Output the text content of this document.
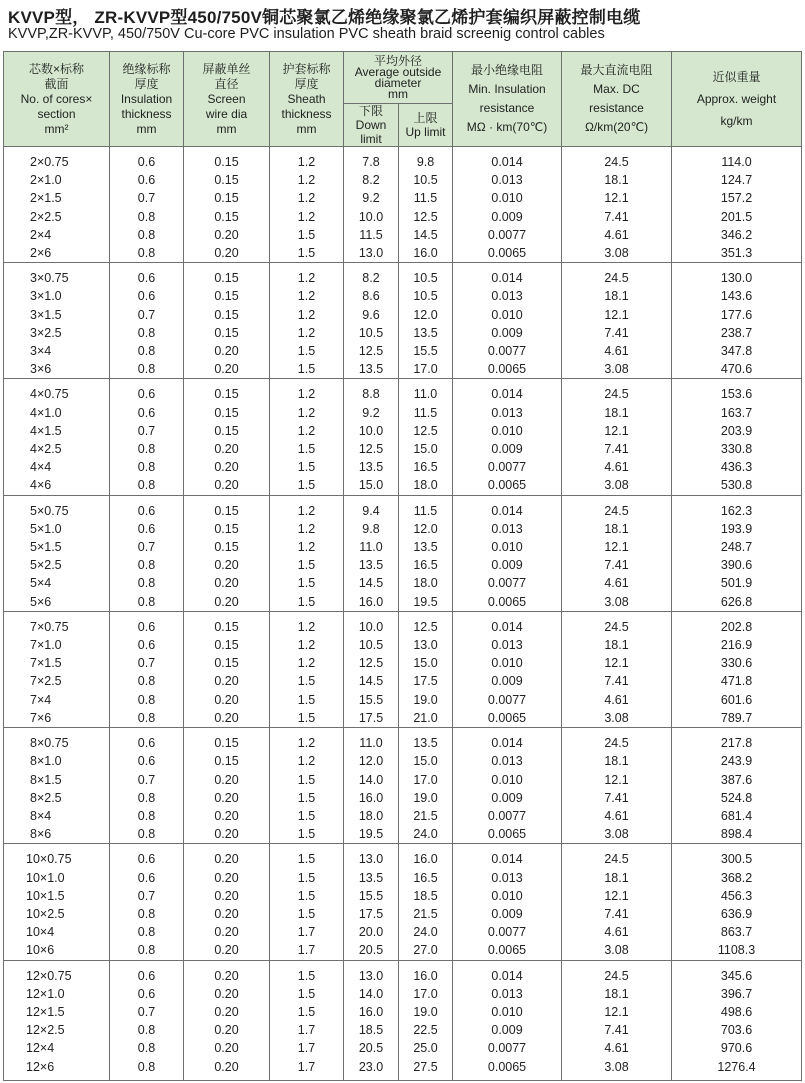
KVVP型， ZR-KVVP型450/750V铜芯聚氯乙烯绝缘聚氯乙烯护套编织屏蔽控制电缆
KVVP,ZR-KVVP, 450/750V Cu-core PVC insulation PVC sheath braid screenig control cables
芯数×标称
截面
No. of cores×
section
mm²	绝缘标称
厚度
Insulation
thickness
mm	屏蔽单丝
直径
Screen
wire dia
mm	护套标称
厚度
Sheath
thickness
mm	平均外径
Average outside
diameter
mm		最小绝缘电阻
Min. Insulation
resistance
MΩ · km(70℃)	最大直流电阻
Max. DC
resistance
Ω/km(20℃)	近似重量
Approx. weight
kg/km

				下限
Down limit	上限
Up limit			

2×0.75	0.6	0.15	1.2	7.8	9.8	0.014	24.5	114.0
2×1.0	0.6	0.15	1.2	8.2	10.5	0.013	18.1	124.7
2×1.5	0.7	0.15	1.2	9.2	11.5	0.010	12.1	157.2
2×2.5	0.8	0.15	1.2	10.0	12.5	0.009	7.41	201.5
2×4	0.8	0.20	1.5	11.5	14.5	0.0077	4.61	346.2
2×6	0.8	0.20	1.5	13.0	16.0	0.0065	3.08	351.3
3×0.75	0.6	0.15	1.2	8.2	10.5	0.014	24.5	130.0
3×1.0	0.6	0.15	1.2	8.6	10.5	0.013	18.1	143.6
3×1.5	0.7	0.15	1.2	9.6	12.0	0.010	12.1	177.6
3×2.5	0.8	0.15	1.2	10.5	13.5	0.009	7.41	238.7
3×4	0.8	0.20	1.5	12.5	15.5	0.0077	4.61	347.8
3×6	0.8	0.20	1.5	13.5	17.0	0.0065	3.08	470.6
4×0.75	0.6	0.15	1.2	8.8	11.0	0.014	24.5	153.6
4×1.0	0.6	0.15	1.2	9.2	11.5	0.013	18.1	163.7
4×1.5	0.7	0.15	1.2	10.0	12.5	0.010	12.1	203.9
4×2.5	0.8	0.20	1.5	12.5	15.0	0.009	7.41	330.8
4×4	0.8	0.20	1.5	13.5	16.5	0.0077	4.61	436.3
4×6	0.8	0.20	1.5	15.0	18.0	0.0065	3.08	530.8
5×0.75	0.6	0.15	1.2	9.4	11.5	0.014	24.5	162.3
5×1.0	0.6	0.15	1.2	9.8	12.0	0.013	18.1	193.9
5×1.5	0.7	0.15	1.2	11.0	13.5	0.010	12.1	248.7
5×2.5	0.8	0.20	1.5	13.5	16.5	0.009	7.41	390.6
5×4	0.8	0.20	1.5	14.5	18.0	0.0077	4.61	501.9
5×6	0.8	0.20	1.5	16.0	19.5	0.0065	3.08	626.8
7×0.75	0.6	0.15	1.2	10.0	12.5	0.014	24.5	202.8
7×1.0	0.6	0.15	1.2	10.5	13.0	0.013	18.1	216.9
7×1.5	0.7	0.15	1.2	12.5	15.0	0.010	12.1	330.6
7×2.5	0.8	0.20	1.5	14.5	17.5	0.009	7.41	471.8
7×4	0.8	0.20	1.5	15.5	19.0	0.0077	4.61	601.6
7×6	0.8	0.20	1.5	17.5	21.0	0.0065	3.08	789.7
8×0.75	0.6	0.15	1.2	11.0	13.5	0.014	24.5	217.8
8×1.0	0.6	0.15	1.2	12.0	15.0	0.013	18.1	243.9
8×1.5	0.7	0.20	1.5	14.0	17.0	0.010	12.1	387.6
8×2.5	0.8	0.20	1.5	16.0	19.0	0.009	7.41	524.8
8×4	0.8	0.20	1.5	18.0	21.5	0.0077	4.61	681.4
8×6	0.8	0.20	1.5	19.5	24.0	0.0065	3.08	898.4
10×0.75	0.6	0.20	1.5	13.0	16.0	0.014	24.5	300.5
10×1.0	0.6	0.20	1.5	13.5	16.5	0.013	18.1	368.2
10×1.5	0.7	0.20	1.5	15.5	18.5	0.010	12.1	456.3
10×2.5	0.8	0.20	1.5	17.5	21.5	0.009	7.41	636.9
10×4	0.8	0.20	1.7	20.0	24.0	0.0077	4.61	863.7
10×6	0.8	0.20	1.7	20.5	27.0	0.0065	3.08	1108.3
12×0.75	0.6	0.20	1.5	13.0	16.0	0.014	24.5	345.6
12×1.0	0.6	0.20	1.5	14.0	17.0	0.013	18.1	396.7
12×1.5	0.7	0.20	1.5	16.0	19.0	0.010	12.1	498.6
12×2.5	0.8	0.20	1.7	18.5	22.5	0.009	7.41	703.6
12×4	0.8	0.20	1.7	20.5	25.0	0.0077	4.61	970.6
12×6	0.8	0.20	1.7	23.0	27.5	0.0065	3.08	1276.4
